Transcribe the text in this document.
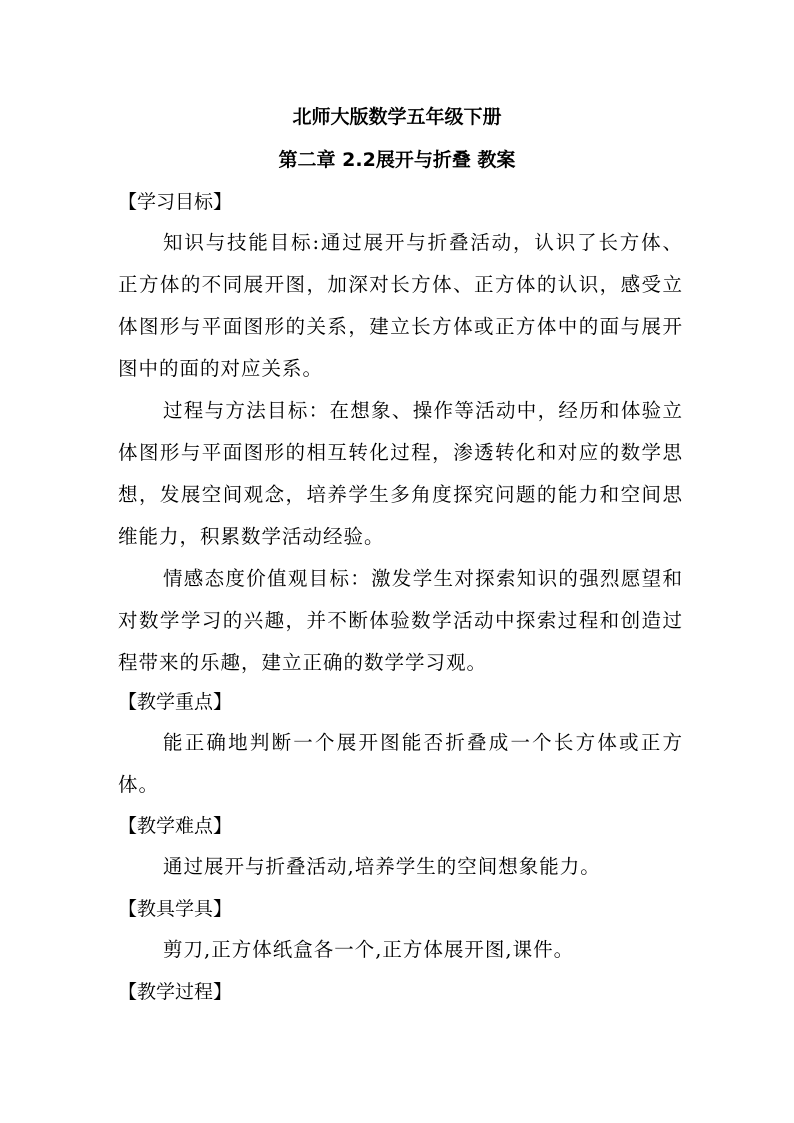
北师大版数学五年级下册
第二章 2.2展开与折叠 教案
【学习目标】
知识与技能目标:通过展开与折叠活动，认识了长方体、正方体的不同展开图，加深对长方体、正方体的认识，感受立体图形与平面图形的关系，建立长方体或正方体中的面与展开图中的面的对应关系。
过程与方法目标：在想象、操作等活动中，经历和体验立体图形与平面图形的相互转化过程，渗透转化和对应的数学思想，发展空间观念，培养学生多角度探究问题的能力和空间思维能力，积累数学活动经验。
情感态度价值观目标：激发学生对探索知识的强烈愿望和对数学学习的兴趣，并不断体验数学活动中探索过程和创造过程带来的乐趣，建立正确的数学学习观。
【教学重点】
能正确地判断一个展开图能否折叠成一个长方体或正方体。
【教学难点】
通过展开与折叠活动,培养学生的空间想象能力。
【教具学具】
剪刀,正方体纸盒各一个,正方体展开图,课件。
【教学过程】
